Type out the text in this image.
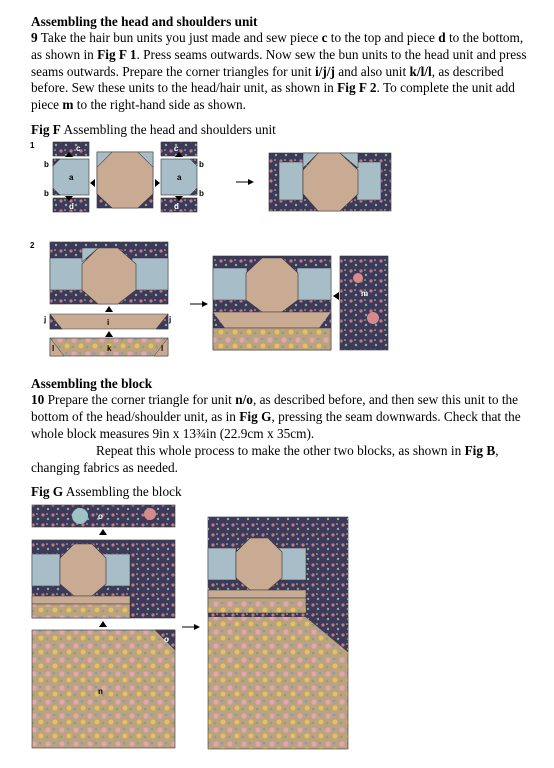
Assembling the head and shoulders unit

9 Take the hair bun units you just made and sew piece c to the top and piece d to the bottom, as shown in Fig F 1. Press seams outwards. Now sew the bun units to the head unit and press seams outwards. Prepare the corner triangles for unit i/j/j and also unit k/l/l, as described before. Sew these units to the head/hair unit, as shown in Fig F 2. To complete the unit add piece m to the right-hand side as shown.

Fig F Assembling the head and shoulders unit

1	c
a
b
b
d
c
a
b
b
d
2
j	i	j
l	k	l
m
Assembling the block

10 Prepare the corner triangle for unit n/o, as described before, and then sew this unit to the bottom of the head/shoulder unit, as in Fig G, pressing the seam downwards. Check that the whole block measures 9in x 13¾in (22.9cm x 35cm).

Repeat this whole process to make the other two blocks, as shown in Fig B, changing fabrics as needed.

Fig G Assembling the block

o
o
n
